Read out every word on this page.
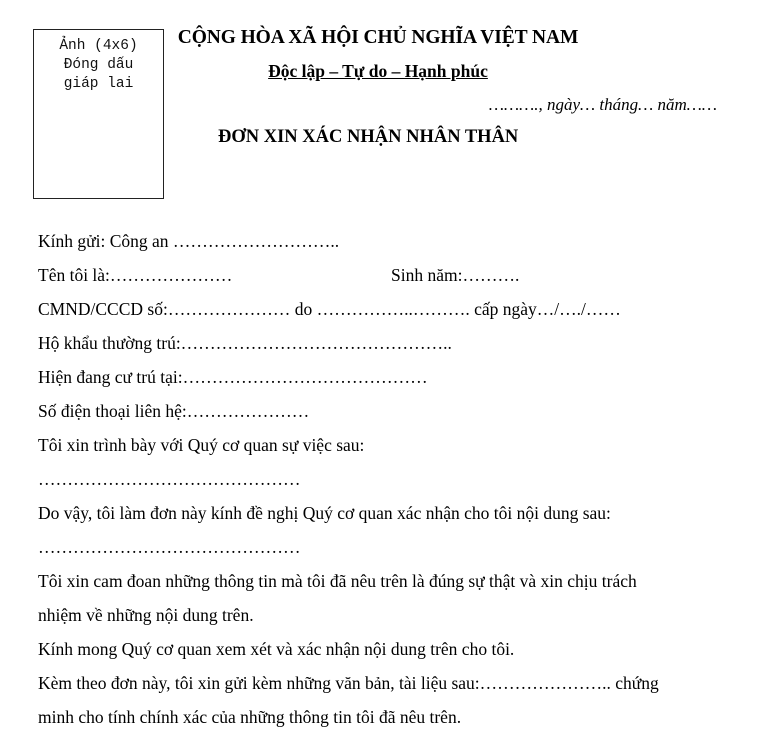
Ảnh (4x6)
Đóng dấu
giáp lai
CỘNG HÒA XÃ HỘI CHỦ NGHĨA VIỆT NAM
Độc lập – Tự do – Hạnh phúc
………., ngày… tháng… năm……
ĐƠN XIN XÁC NHẬN NHÂN THÂN
Kính gửi: Công an ………………………..
Tên tôi là:…………………	Sinh năm:……….
CMND/CCCD số:………………… do ……………..………. cấp ngày…/…./……
Hộ khẩu thường trú:………………………………………..
Hiện đang cư trú tại:……………………………………
Số điện thoại liên hệ:…………………
Tôi xin trình bày với Quý cơ quan sự việc sau:
………………………………………
Do vậy, tôi làm đơn này kính đề nghị Quý cơ quan xác nhận cho tôi nội dung sau:
………………………………………
Tôi xin cam đoan những thông tin mà tôi đã nêu trên là đúng sự thật và xin chịu trách
nhiệm về những nội dung trên.
Kính mong Quý cơ quan xem xét và xác nhận nội dung trên cho tôi.
Kèm theo đơn này, tôi xin gửi kèm những văn bản, tài liệu sau:………………….. chứng
minh cho tính chính xác của những thông tin tôi đã nêu trên.
